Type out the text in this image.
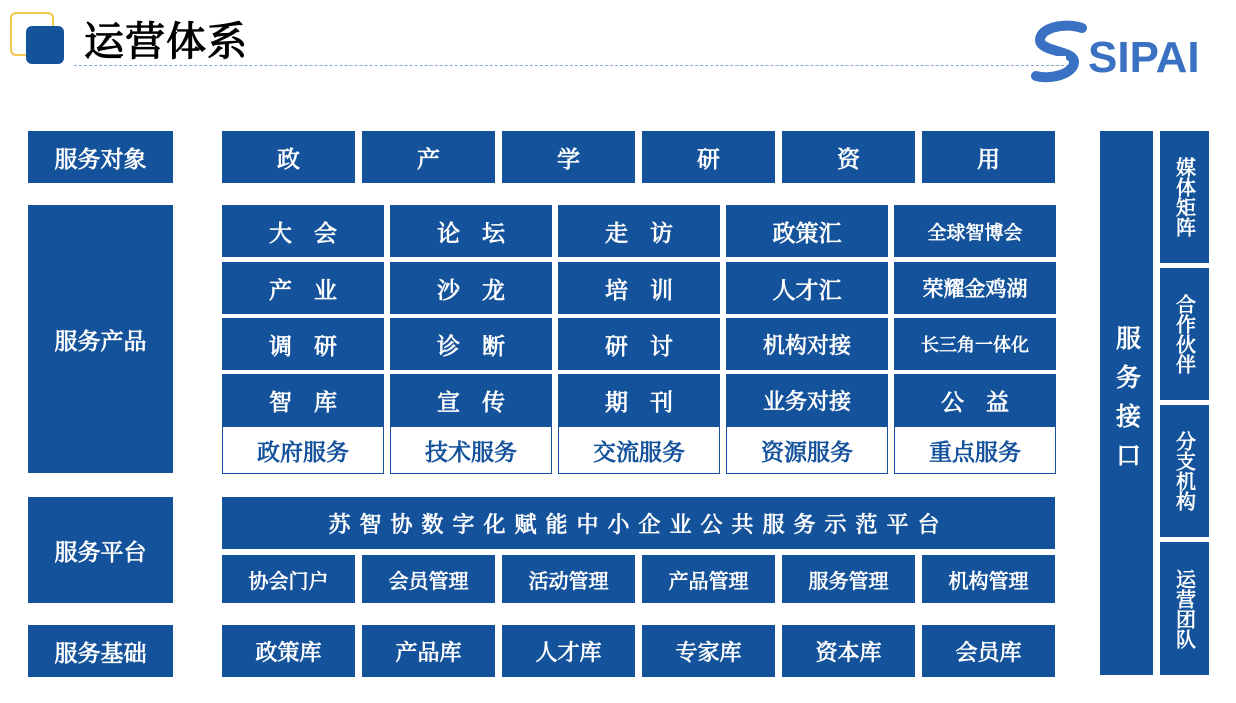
运营体系	SIPAI
服务对象
服务产品
服务平台
服务基础
政	产	学	研	资	用
大 会	论 坛	走 访	政策汇	全球智博会
产 业	沙 龙	培 训	人才汇	荣耀金鸡湖
调 研	诊 断	研 讨	机构对接	长三角一体化
智 库	宣 传	期 刊	业务对接	公 益
政府服务	技术服务	交流服务	资源服务	重点服务
苏智协数字化赋能中小企业公共服务示范平台
协会门户	会员管理	活动管理	产品管理	服务管理	机构管理
政策库	产品库	人才库	专家库	资本库	会员库
服务接口
媒体矩阵
合作伙伴
分支机构
运营团队
